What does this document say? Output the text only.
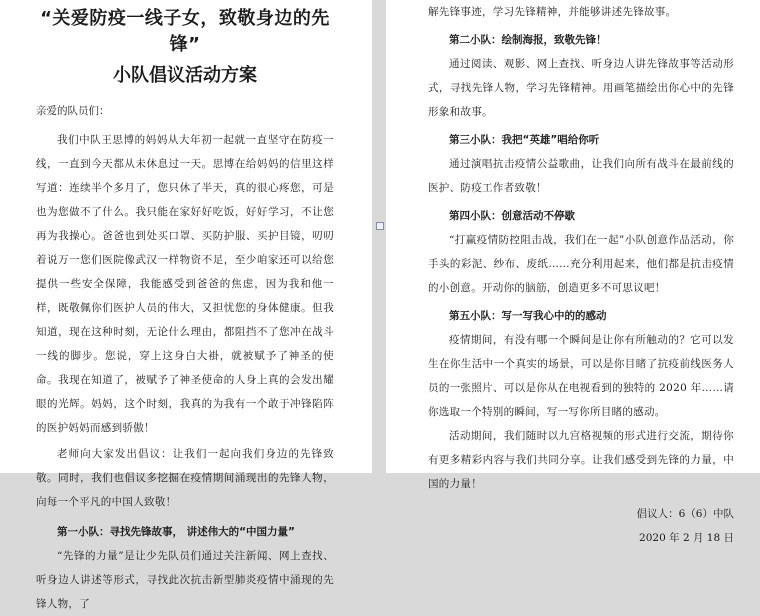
“关爱防疫一线子女，致敬身边的先锋”

小队倡议活动方案

亲爱的队员们：

我们中队王思博的妈妈从大年初一起就一直坚守在防疫一线，一直到今天都从未休息过一天。思博在给妈妈的信里这样写道：连续半个多月了，您只休了半天，真的很心疼您，可是也为您做不了什么。我只能在家好好吃饭，好好学习，不让您再为我操心。爸爸也到处买口罩、买防护服、买护目镜，叨叨着说万一您们医院像武汉一样物资不足，至少咱家还可以给您提供一些安全保障，我能感受到爸爸的焦虑，因为我和他一样，既敬佩你们医护人员的伟大，又担忧您的身体健康。但我知道，现在这种时刻，无论什么理由，都阻挡不了您冲在战斗一线的脚步。您说，穿上这身白大褂，就被赋予了神圣的使命。我现在知道了，被赋予了神圣使命的人身上真的会发出耀眼的光辉。妈妈，这个时刻，我真的为我有一个敢于冲锋陷阵的医护妈妈而感到骄傲！

老师向大家发出倡议：让我们一起向我们身边的先锋致敬。同时，我们也倡议多挖掘在疫情期间涌现出的先锋人物，向每一个平凡的中国人致敬！

第一小队：寻找先锋故事， 讲述伟大的“中国力量”

“先锋的力量”是让少先队员们通过关注新闻、网上查找、听身边人讲述等形式，寻找此次抗击新型肺炎疫情中涌现的先锋人物，了

解先锋事迹，学习先锋精神，并能够讲述先锋故事。

第二小队：绘制海报，致敬先锋！

通过阅读、观影、网上查找、听身边人讲先锋故事等活动形式，寻找先锋人物，学习先锋精神。用画笔描绘出你心中的先锋形象和故事。

第三小队：我把“英雄”唱给你听

通过演唱抗击疫情公益歌曲，让我们向所有战斗在最前线的医护、防疫工作者致敬！

第四小队：创意活动不停歇

“打赢疫情防控阻击战，我们在一起”小队创意作品活动，你手头的彩泥、纱布、废纸……充分利用起来，他们都是抗击疫情的小创意。开动你的脑筋，创造更多不可思议吧！

第五小队：写一写我心中的的感动

疫情期间，有没有哪一个瞬间是让你有所触动的？它可以发生在你生活中一个真实的场景，可以是你目睹了抗疫前线医务人员的一张照片、可以是你从在电视看到的独特的 2020 年……请你选取一个特别的瞬间，写一写你所目睹的感动。

活动期间，我们随时以九宫格视频的形式进行交流，期待你有更多精彩内容与我们共同分享。让我们感受到先锋的力量，中国的力量！

倡议人：6（6）中队

2020 年 2 月 18 日
